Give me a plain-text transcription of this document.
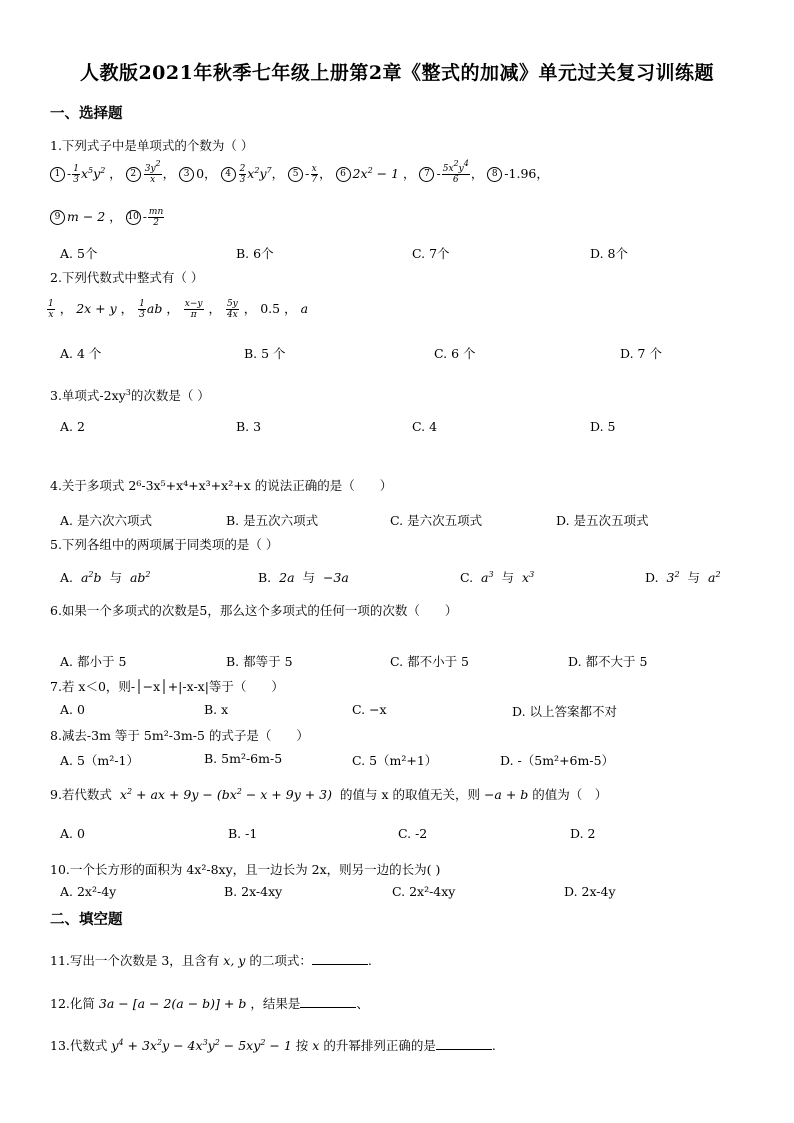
人教版2021年秋季七年级上册第2章《整式的加减》单元过关复习训练题
一、选择题
1.下列式子中是单项式的个数为（ ）
$1 - \frac{1}{3} x^5y^2$ ， $2 \frac{3y^2}{x}$ ， 3 0， $4 \frac{2}{3} x^2y^7$， $5 - \frac{x}{7}$ ， 6 $2x^2 - 1$ ， $7 - \frac{5x^2y^4}{6}$ ， 8 -1.96，
9 m − 2 ， $10 - \frac{mn}{2}$
A. 5个	B. 6个	C. 7个	D. 8个
2.下列代数式中整式有（ ）
$\frac{1}{x}$ ， 2x + y ， $\frac{1}{3}$ ab ， $\frac{x-y}{\pi}$ ， $\frac{5y}{4x}$ ， 0.5 ， a
A. 4 个	B. 5 个	C. 6 个	D. 7 个
3.单项式$-2xy^3$的次数是（ ）
A. 2	B. 3	C. 4	D. 5
4.关于多项式 2⁶-3x⁵+x⁴+x³+x²+x 的说法正确的是（　　）
A. 是六次六项式	B. 是五次六项式	C. 是六次五项式	D. 是五次五项式
5.下列各组中的两项属于同类项的是（ ）
A. $a^2b$ 与 $ab^2$	B. 2a 与 −3a	C. $a^3$ 与 $x^3$	D. $3^2$ 与 $a^2$
6.如果一个多项式的次数是5，那么这个多项式的任何一项的次数（　　）
A. 都小于 5	B. 都等于 5	C. 都不小于 5	D. 都不大于 5
7.若 x＜0，则-│−x│+|-x-x|等于（　　）
A. 0	B. x	C. −x	D. 以上答案都不对
8.减去-3m 等于 5m²-3m-5 的式子是（　　）
A. 5（m²-1）	B. 5m²-6m-5	C. 5（m²+1）	D. -（5m²+6m-5）
9.若代数式 $x^2$ + ax + $9y - (bx^2 - x + 9y + 3)$ 的值与 x 的取值无关，则 −a + b 的值为（　）
A. 0	B. -1	C. -2	D. 2
10.一个长方形的面积为 4x²-8xy，且一边长为 2x，则另一边的长为( )
A. 2x²-4y	B. 2x-4xy	C. 2x²-4xy	D. 2x-4y
二、填空题
11.写出一个次数是 3，且含有 x, y 的二项式：	.
12.化简 3a − [a − 2(a − b)] + b ，结果是	、
13.代数式 $y^4 + 3x^2y - 4x^3y^2 - 5xy^2 - 1$ 按 x 的升幂排列正确的是	.
